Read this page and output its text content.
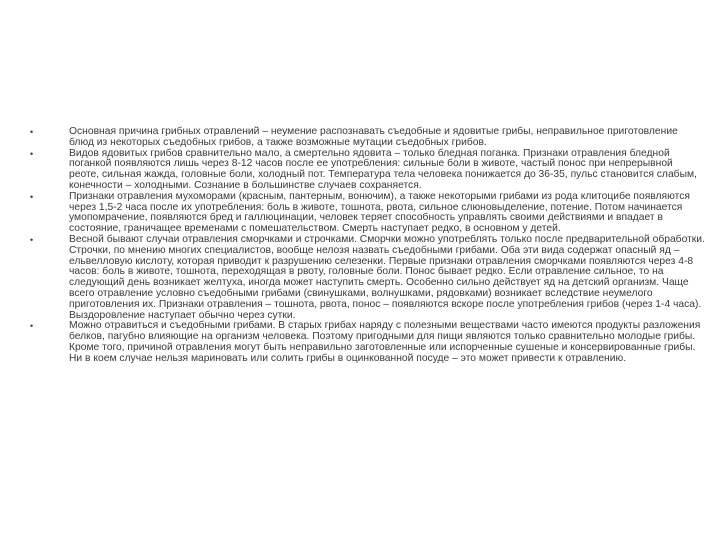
•	Основная причина грибных отравлений – неумение распознавать съедобные и ядовитые грибы, неправильное приготовление блюд из некоторых съедобных грибов, а также возможные мутации съедобных грибов.
•	Видов ядовитых грибов сравнительно мало, а смертельно ядовита – только бледная поганка. Признаки отравления бледной поганкой появляются лишь через 8-12 часов после ее употребления: сильные боли в животе, частый понос при непрерывной реоте, сильная жажда, головные боли, холодный пот. Температура тела человека понижается до 36-35, пульс становится слабым, конечности – холодными. Сознание в большинстве случаев сохраняется.
•	Признаки отравления мухоморами (красным, пантерным, вонючим), а также некоторыми грибами из рода клитоцибе появляются через 1,5-2 часа после их употребления: боль в животе, тошнота, рвота, сильное слюновыделение, потение. Потом начинается умопомрачение, появляются бред и галлюцинации, человек теряет способность управлять своими действиями и впадает в состояние, граничащее временами с помешательством. Смерть наступает редко, в основном у детей.
•	Весной бывают случаи отравления сморчками и строчками. Сморчки можно употреблять только после предварительной обработки. Строчки, по мнению многих специалистов, вообще нелозя назвать съедобными грибами. Оба эти вида содержат опасный яд – ельвелловую кислоту, которая приводит к разрушению селезенки. Первые признаки отравления сморчками появляются через 4-8 часов: боль в животе, тошнота, переходящая в рвоту, головные боли. Понос бывает редко. Если отравление сильное, то на следующий день возникает желтуха, иногда может наступить смерть. Особенно сильно действует яд на детский организм. Чаще всего отравление условно съедобными грибами (свинушками, волнушками, рядовками) возникает вследствие неумелого приготовления их. Признаки отравления – тошнота, рвота, понос – появляются вскоре после употребления грибов (через 1-4 часа). Выздоровление наступает обычно через сутки.
•	Можно отравиться и съедобными грибами. В старых грибах наряду с полезными веществами часто имеются продукты разложения белков, пагубно влияющие на организм человека. Поэтому пригодными для пищи являются только сравнительно молодые грибы. Кроме того, причиной отравления могут быть неправильно заготовленные или испорченные сушеные и консервированные грибы. Ни в коем случае нельзя мариновать или солить грибы в оцинкованной посуде – это может привести к отравлению.
